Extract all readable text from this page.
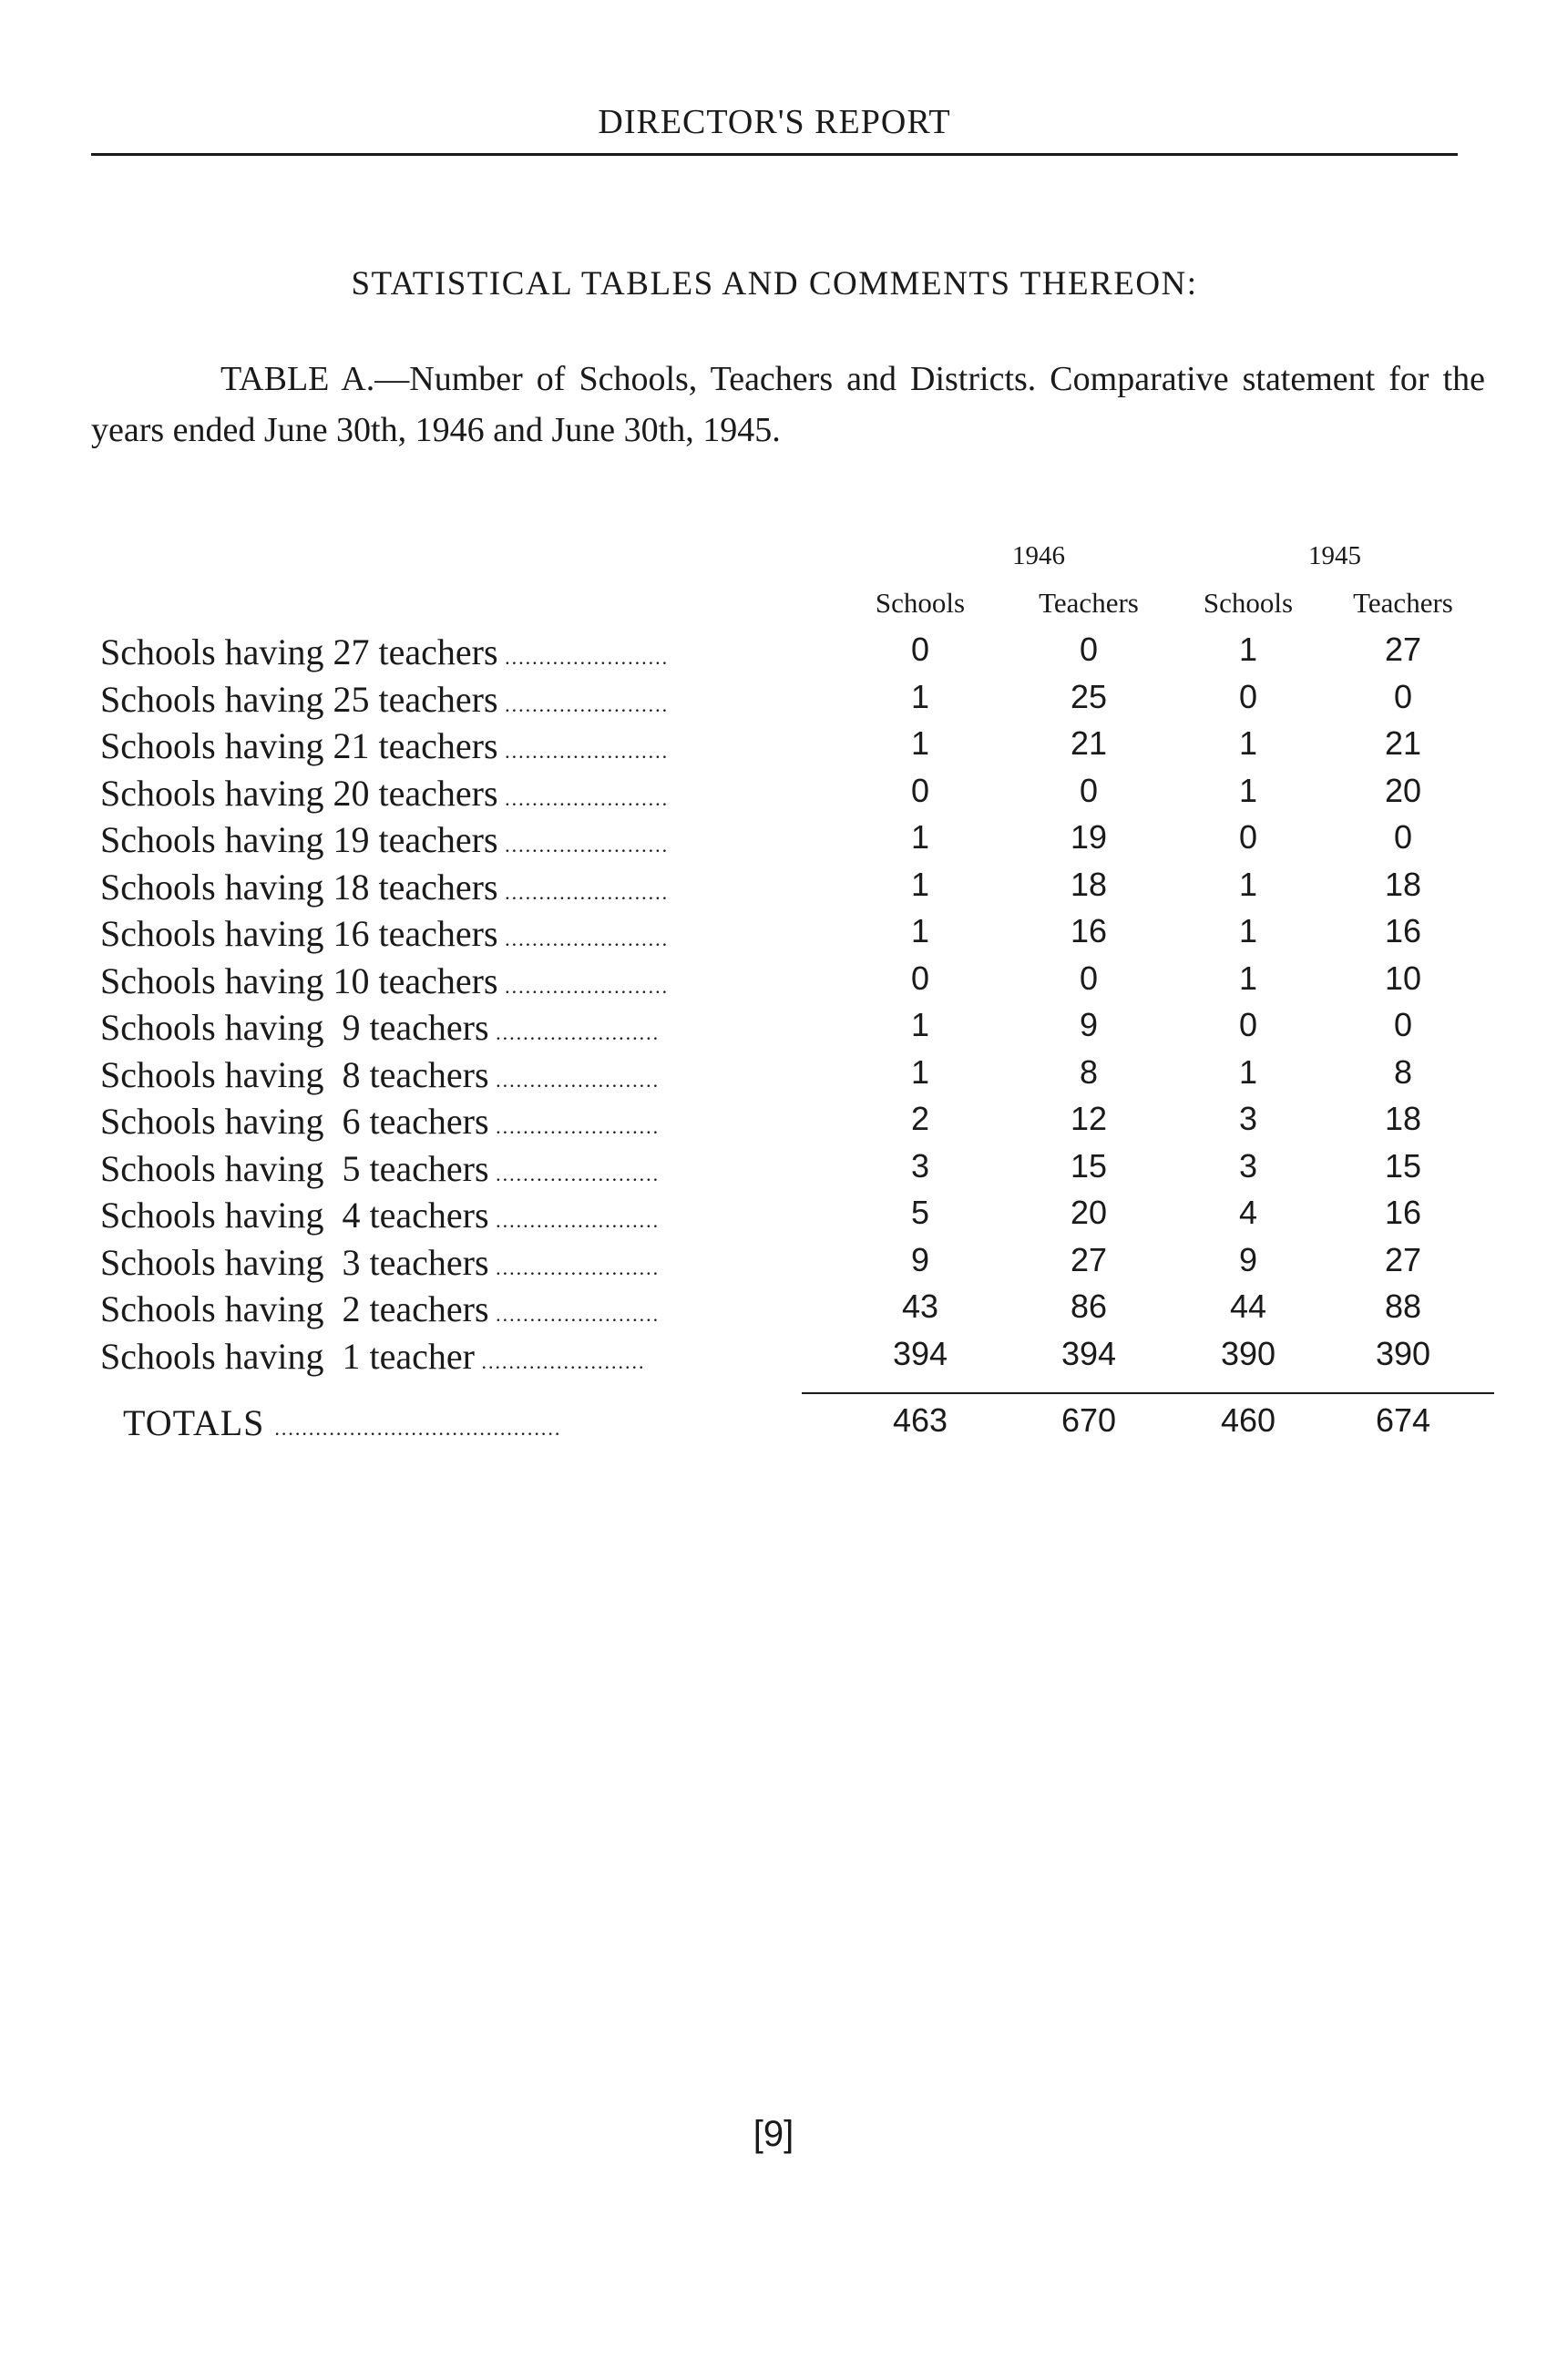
DIRECTOR'S REPORT
STATISTICAL TABLES AND COMMENTS THEREON:
TABLE A.—Number of Schools, Teachers and Districts. Comparative statement for the years ended June 30th, 1946 and June 30th, 1945.
1946	1945
Schools	Teachers	Schools	Teachers
Schools having 27 teachers ........................	0	0	1	27
Schools having 25 teachers ........................	1	25	0	0
Schools having 21 teachers ........................	1	21	1	21
Schools having 20 teachers ........................	0	0	1	20
Schools having 19 teachers ........................	1	19	0	0
Schools having 18 teachers ........................	1	18	1	18
Schools having 16 teachers ........................	1	16	1	16
Schools having 10 teachers ........................	0	0	1	10
Schools having  9 teachers ........................	1	9	0	0
Schools having  8 teachers ........................	1	8	1	8
Schools having  6 teachers ........................	2	12	3	18
Schools having  5 teachers ........................	3	15	3	15
Schools having  4 teachers ........................	5	20	4	16
Schools having  3 teachers ........................	9	27	9	27
Schools having  2 teachers ........................	43	86	44	88
Schools having  1 teacher ........................	394	394	390	390
TOTALS ..........................................	463	670	460	674
[9]
